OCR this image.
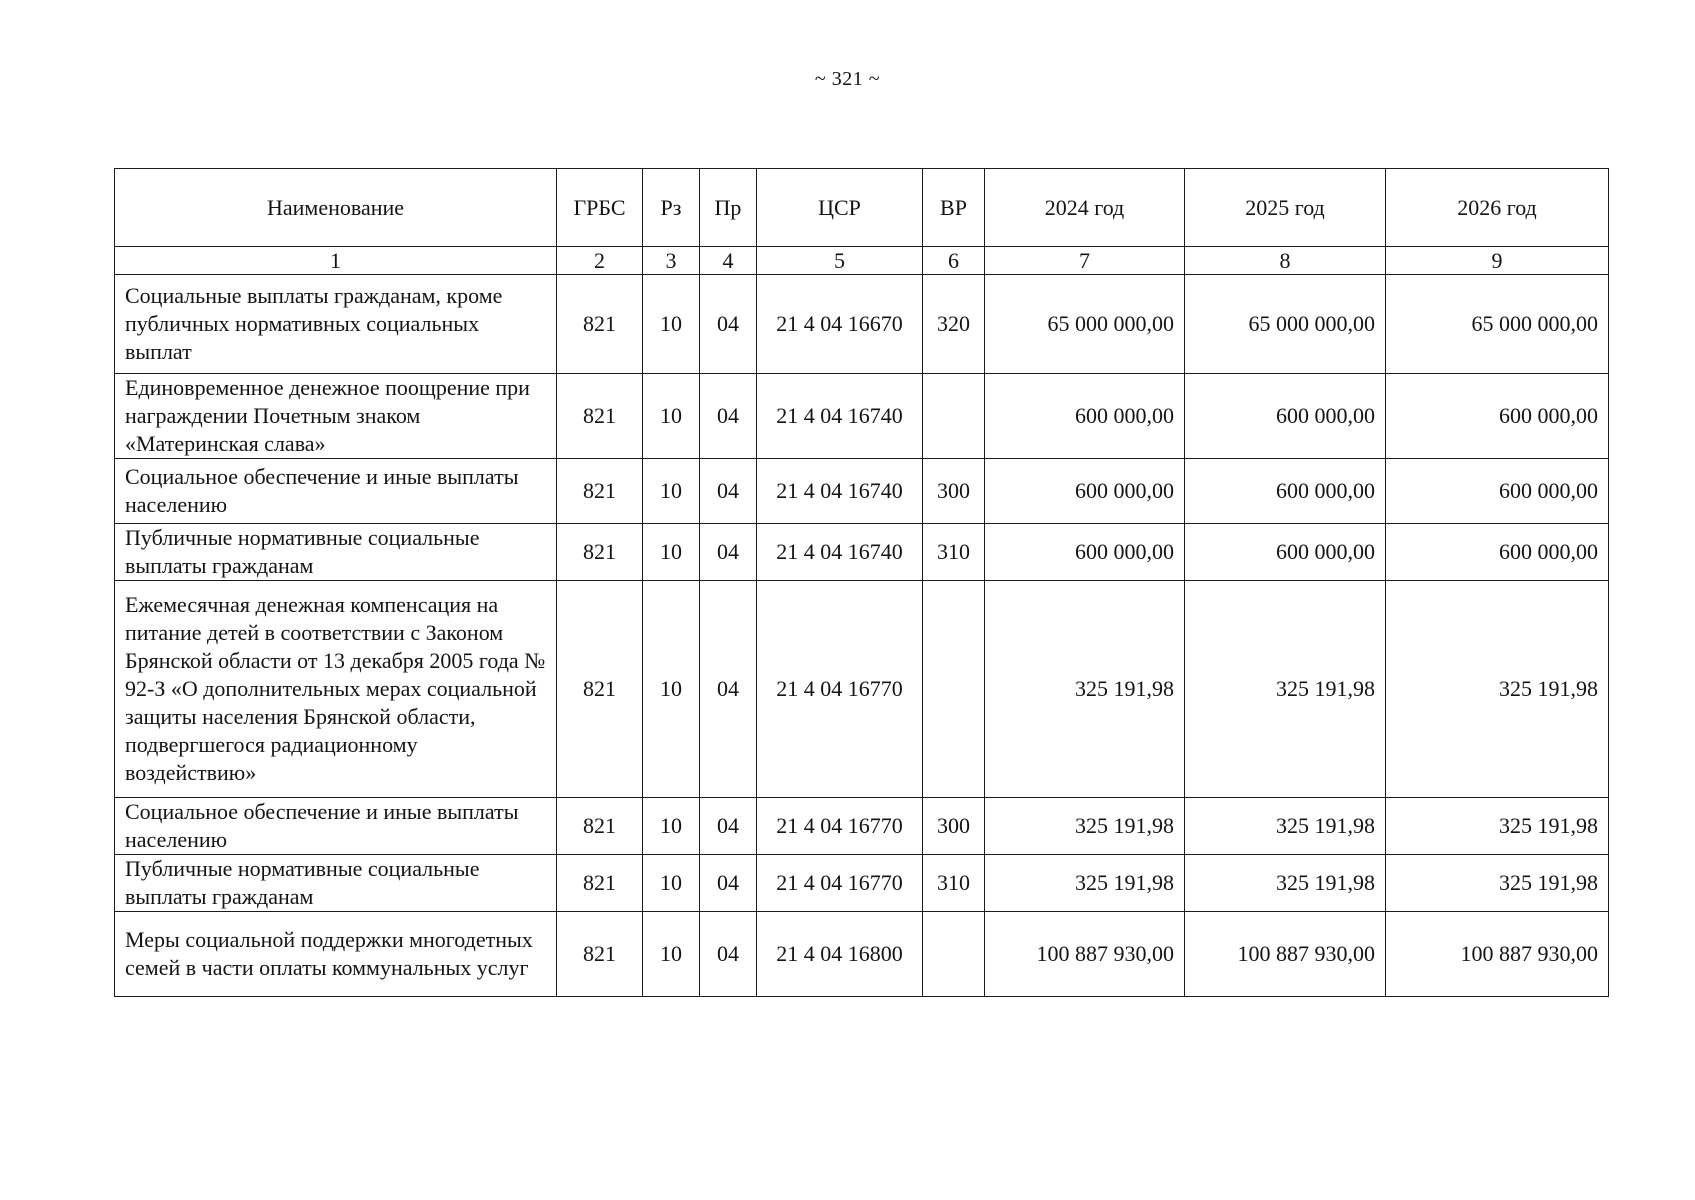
~ 321 ~
Наименование	ГРБС	Рз	Пр	ЦСР	ВР	2024 год	2025 год	2026 год
1	2	3	4	5	6	7	8	9
Социальные выплаты гражданам, кроме публичных нормативных социальных выплат	821	10	04	21 4 04 16670	320	65 000 000,00	65 000 000,00	65 000 000,00
Единовременное денежное поощрение при награждении Почетным знаком «Материнская слава»	821	10	04	21 4 04 16740		600 000,00	600 000,00	600 000,00
Социальное обеспечение и иные выплаты населению	821	10	04	21 4 04 16740	300	600 000,00	600 000,00	600 000,00
Публичные нормативные социальные выплаты гражданам	821	10	04	21 4 04 16740	310	600 000,00	600 000,00	600 000,00
Ежемесячная денежная компенсация на питание детей в соответствии с Законом Брянской области от 13 декабря 2005 года № 92-З «О дополнительных мерах социальной защиты населения Брянской области, подвергшегося радиационному воздействию»	821	10	04	21 4 04 16770		325 191,98	325 191,98	325 191,98
Социальное обеспечение и иные выплаты населению	821	10	04	21 4 04 16770	300	325 191,98	325 191,98	325 191,98
Публичные нормативные социальные выплаты гражданам	821	10	04	21 4 04 16770	310	325 191,98	325 191,98	325 191,98
Меры социальной поддержки многодетных семей в части оплаты коммунальных услуг	821	10	04	21 4 04 16800		100 887 930,00	100 887 930,00	100 887 930,00
